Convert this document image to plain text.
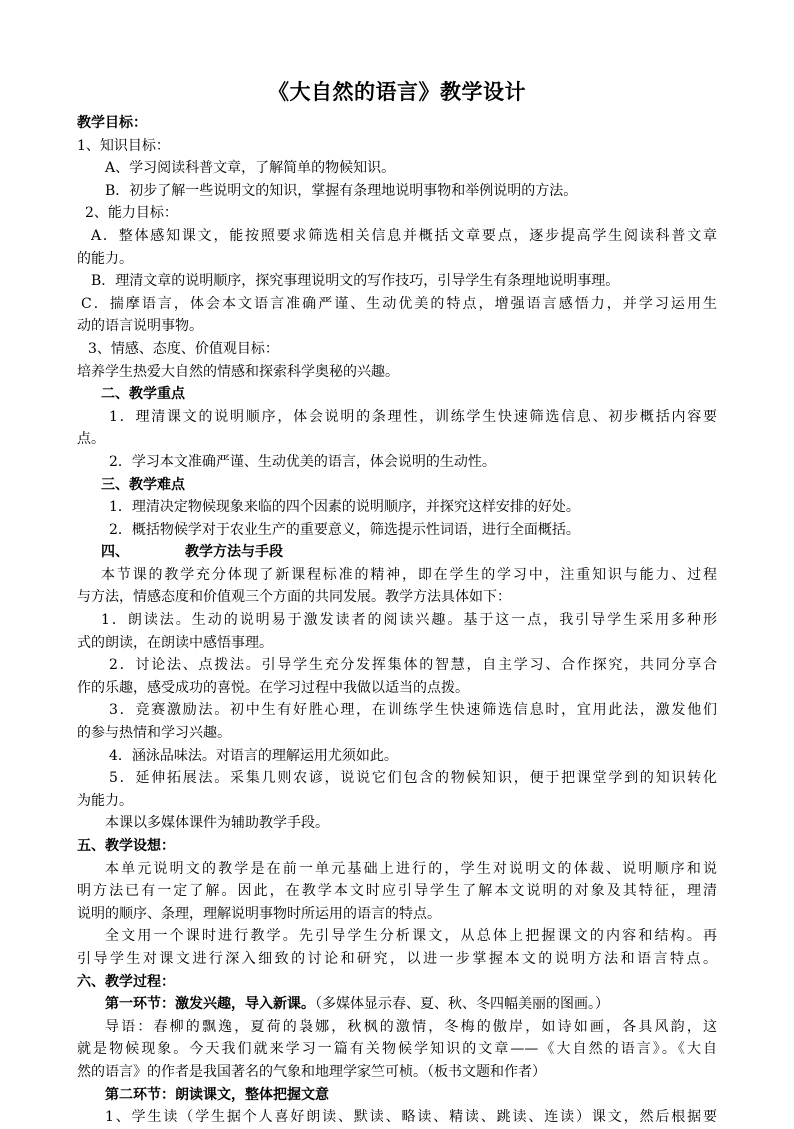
《大自然的语言》教学设计
教学目标：
1、知识目标：
A、学习阅读科普文章，了解简单的物候知识。
B．初步了解一些说明文的知识，掌握有条理地说明事物和举例说明的方法。
2、能力目标：
A．整体感知课文，能按照要求筛选相关信息并概括文章要点，逐步提高学生阅读科普文章
的能力。
B．理清文章的说明顺序，探究事理说明文的写作技巧，引导学生有条理地说明事理。
C．揣摩语言，体会本文语言准确严谨、生动优美的特点，增强语言感悟力，并学习运用生
动的语言说明事物。
3、情感、态度、价值观目标：
培养学生热爱大自然的情感和探索科学奥秘的兴趣。
二、教学重点
1．理清课文的说明顺序，体会说明的条理性，训练学生快速筛选信息、初步概括内容要
点。
2．学习本文准确严谨、生动优美的语言，体会说明的生动性。
三、教学难点
1．理清决定物候现象来临的四个因素的说明顺序，并探究这样安排的好处。
2．概括物候学对于农业生产的重要意义，筛选提示性词语，进行全面概括。
四、	教学方法与手段
本节课的教学充分体现了新课程标准的精神，即在学生的学习中，注重知识与能力、过程
与方法，情感态度和价值观三个方面的共同发展。教学方法具体如下：
1．朗读法。生动的说明易于激发读者的阅读兴趣。基于这一点，我引导学生采用多种形
式的朗读，在朗读中感悟事理。
2．讨论法、点拨法。引导学生充分发挥集体的智慧，自主学习、合作探究，共同分享合
作的乐趣，感受成功的喜悦。在学习过程中我做以适当的点拨。
3．竞赛激励法。初中生有好胜心理，在训练学生快速筛选信息时，宜用此法，激发他们
的参与热情和学习兴趣。
4．涵泳品味法。对语言的理解运用尤须如此。
5．延伸拓展法。采集几则农谚，说说它们包含的物候知识，便于把课堂学到的知识转化
为能力。
本课以多媒体课件为辅助教学手段。
五、教学设想：
本单元说明文的教学是在前一单元基础上进行的，学生对说明文的体裁、说明顺序和说
明方法已有一定了解。因此，在教学本文时应引导学生了解本文说明的对象及其特征，理清
说明的顺序、条理，理解说明事物时所运用的语言的特点。
全文用一个课时进行教学。先引导学生分析课文，从总体上把握课文的内容和结构。再
引导学生对课文进行深入细致的讨论和研究，以进一步掌握本文的说明方法和语言特点。
六、教学过程：
第一环节：激发兴趣，导入新课。（多媒体显示春、夏、秋、冬四幅美丽的图画。）
导语：春柳的飘逸，夏荷的袅娜，秋枫的激情，冬梅的傲岸，如诗如画，各具风韵，这
就是物候现象。今天我们就来学习一篇有关物候学知识的文章——《大自然的语言》。《大自
然的语言》的作者是我国著名的气象和地理学家竺可桢。（板书文题和作者）
第二环节：朗读课文，整体把握文意
1、学生读（学生据个人喜好朗读、默读、略读、精读、跳读、连读）课文，然后根据要
